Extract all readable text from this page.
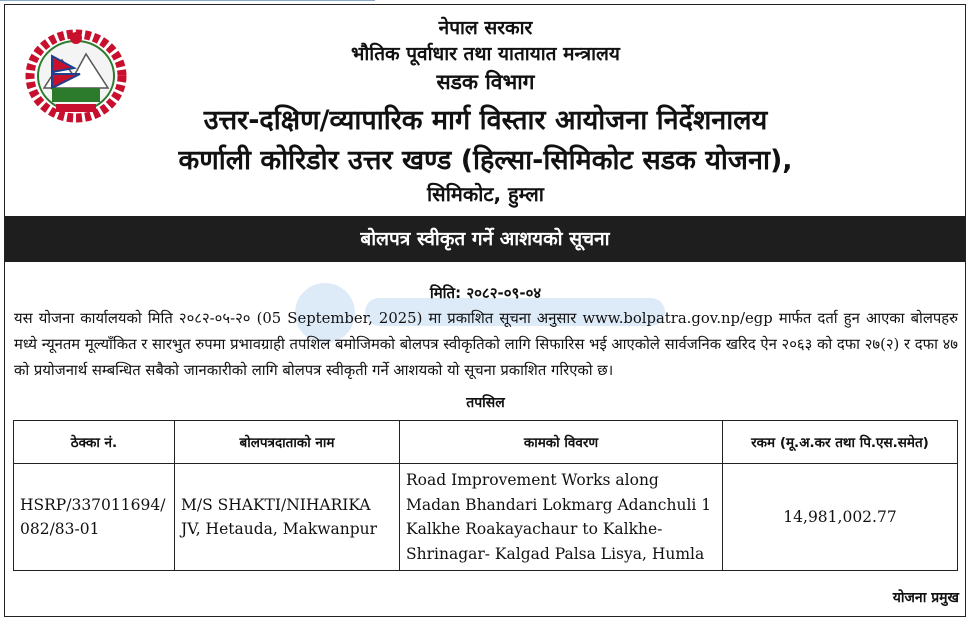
नेपाल सरकार
भौतिक पूर्वाधार तथा यातायात मन्त्रालय
सडक विभाग
उत्तर-दक्षिण/व्यापारिक मार्ग विस्तार आयोजना निर्देशनालय
कर्णाली कोरिडोर उत्तर खण्ड (हिल्सा-सिमिकोट सडक योजना),
सिमिकोट, हुम्ला
बोलपत्र स्वीकृत गर्ने आशयको सूचना
मिति: २०८२-०९-०४
यस योजना कार्यालयको मिति २०८२-०५-२० (05 September, 2025) मा प्रकाशित सूचना अनुसार www.bolpatra.gov.np/egp मार्फत दर्ता हुन आएका बोलपहरु मध्ये न्यूनतम मूल्याँकित र सारभुत रुपमा प्रभावग्राही तपशिल बमोजिमको बोलपत्र स्वीकृतिको लागि सिफारिस भई आएकोले सार्वजनिक खरिद ऐन २०६३ को दफा २७(२) र दफा ४७ को प्रयोजनार्थ सम्बन्धित सबैको जानकारीको लागि बोलपत्र स्वीकृती गर्ने आशयको यो सूचना प्रकाशित गरिएको छ।
तपसिल
ठेक्का नं.	बोलपत्रदाताको नाम	कामको विवरण	रकम (मू.अ.कर तथा पि.एस.समेत)
HSRP/337011694/ 082/83-01	M/S SHAKTI/NIHARIKA JV, Hetauda, Makwanpur	Road Improvement Works along Madan Bhandari Lokmarg Adanchuli 1 Kalkhe Roakayachaur to Kalkhe-Shrinagar- Kalgad Palsa Lisya, Humla	14,981,002.77
योजना प्रमुख
